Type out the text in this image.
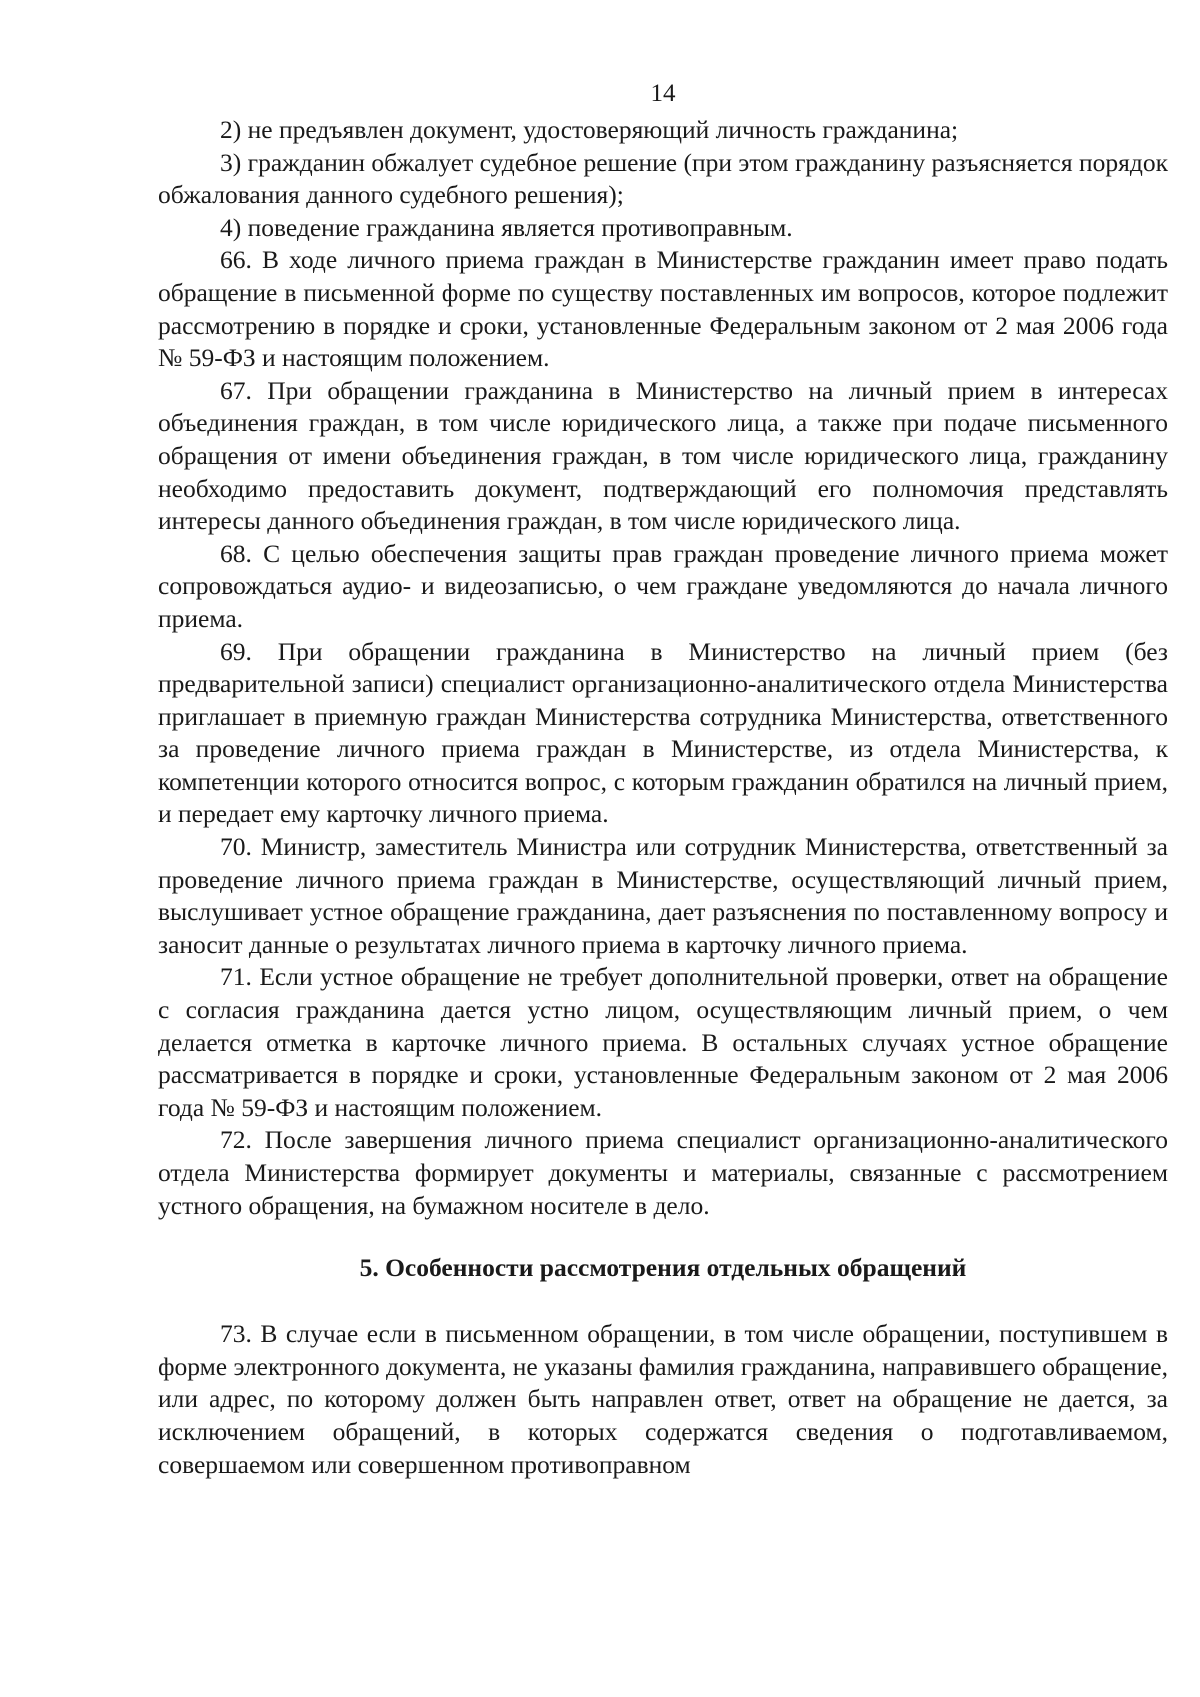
14

2) не предъявлен документ, удостоверяющий личность гражданина;

3) гражданин обжалует судебное решение (при этом гражданину разъясняется порядок обжалования данного судебного решения);

4) поведение гражданина является противоправным.

66. В ходе личного приема граждан в Министерстве гражданин имеет право подать обращение в письменной форме по существу поставленных им вопросов, которое подлежит рассмотрению в порядке и сроки, установленные Федеральным законом от 2 мая 2006 года № 59-ФЗ и настоящим положением.

67. При обращении гражданина в Министерство на личный прием в интересах объединения граждан, в том числе юридического лица, а также при подаче письменного обращения от имени объединения граждан, в том числе юридического лица, гражданину необходимо предоставить документ, подтверждающий его полномочия представлять интересы данного объединения граждан, в том числе юридического лица.

68. С целью обеспечения защиты прав граждан проведение личного приема может сопровождаться аудио- и видеозаписью, о чем граждане уведомляются до начала личного приема.

69. При обращении гражданина в Министерство на личный прием (без предварительной записи) специалист организационно-аналитического отдела Министерства приглашает в приемную граждан Министерства сотрудника Министерства, ответственного за проведение личного приема граждан в Министерстве, из отдела Министерства, к компетенции которого относится вопрос, с которым гражданин обратился на личный прием, и передает ему карточку личного приема.

70. Министр, заместитель Министра или сотрудник Министерства, ответственный за проведение личного приема граждан в Министерстве, осуществляющий личный прием, выслушивает устное обращение гражданина, дает разъяснения по поставленному вопросу и заносит данные о результатах личного приема в карточку личного приема.

71. Если устное обращение не требует дополнительной проверки, ответ на обращение с согласия гражданина дается устно лицом, осуществляющим личный прием, о чем делается отметка в карточке личного приема. В остальных случаях устное обращение рассматривается в порядке и сроки, установленные Федеральным законом от 2 мая 2006 года № 59-ФЗ и настоящим положением.

72. После завершения личного приема специалист организационно-аналитического отдела Министерства формирует документы и материалы, связанные с рассмотрением устного обращения, на бумажном носителе в дело.

5. Особенности рассмотрения отдельных обращений

73. В случае если в письменном обращении, в том числе обращении, поступившем в форме электронного документа, не указаны фамилия гражданина, направившего обращение, или адрес, по которому должен быть направлен ответ, ответ на обращение не дается, за исключением обращений, в которых содержатся сведения о подготавливаемом, совершаемом или совершенном противоправном
